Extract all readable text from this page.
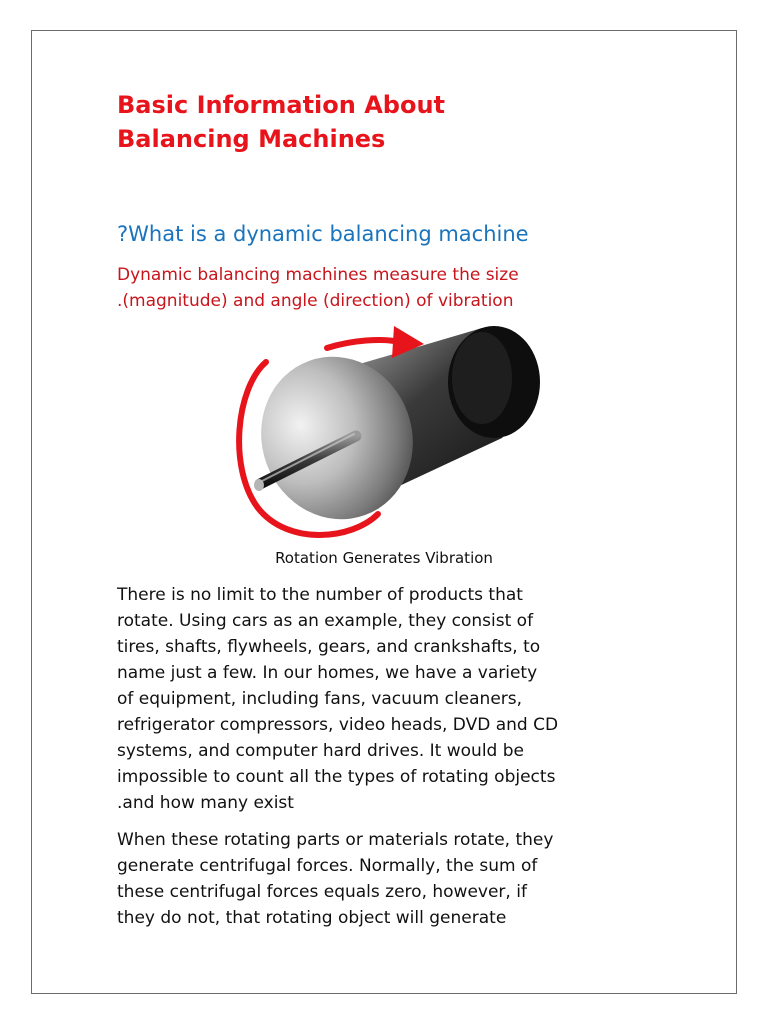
Basic Information About
Balancing Machines
?What is a dynamic balancing machine

Dynamic balancing machines measure the size
.(magnitude) and angle (direction) of vibration

Rotation Generates Vibration

There is no limit to the number of products that
rotate. Using cars as an example, they consist of
tires, shafts, flywheels, gears, and crankshafts, to
name just a few. In our homes, we have a variety
of equipment, including fans, vacuum cleaners,
refrigerator compressors, video heads, DVD and CD
systems, and computer hard drives. It would be
impossible to count all the types of rotating objects
.and how many exist

When these rotating parts or materials rotate, they
generate centrifugal forces. Normally, the sum of
these centrifugal forces equals zero, however, if
they do not, that rotating object will generate
